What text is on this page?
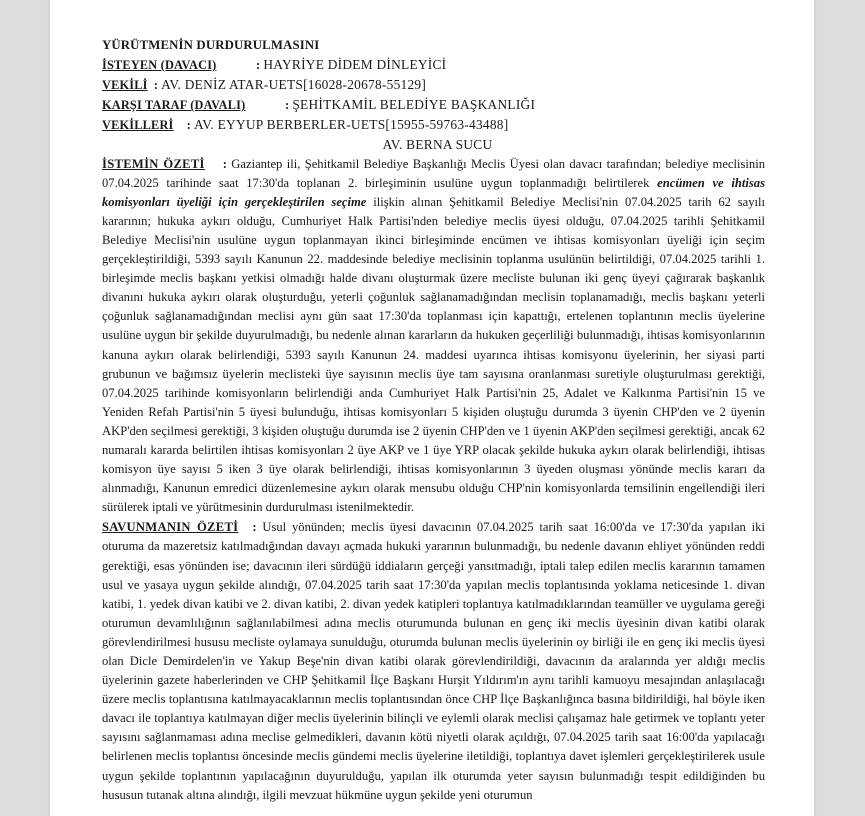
YÜRÜTMENİN DURDURULMASINI
İSTEYEN (DAVACI)	: HAYRİYE DİDEM DİNLEYİCİ
VEKİLİ : AV. DENİZ ATAR-UETS[16028-20678-55129]
KARŞI TARAF (DAVALI)	: ŞEHİTKAMİL BELEDİYE BAŞKANLIĞI
VEKİLLERİ : AV. EYYUP BERBERLER-UETS[15955-59763-43488]
AV. BERNA SUCU

İSTEMİN ÖZETİ : Gaziantep ili, Şehitkamil Belediye Başkanlığı Meclis Üyesi olan davacı tarafından; belediye meclisinin 07.04.2025 tarihinde saat 17:30'da toplanan 2. birleşiminin usulüne uygun toplanmadığı belirtilerek encümen ve ihtisas komisyonları üyeliği için gerçekleştirilen seçime ilişkin alınan Şehitkamil Belediye Meclisi'nin 07.04.2025 tarih 62 sayılı kararının; hukuka aykırı olduğu, Cumhuriyet Halk Partisi'nden belediye meclis üyesi olduğu, 07.04.2025 tarihli Şehitkamil Belediye Meclisi'nin usulüne uygun toplanmayan ikinci birleşiminde encümen ve ihtisas komisyonları üyeliği için seçim gerçekleştirildiği, 5393 sayılı Kanunun 22. maddesinde belediye meclisinin toplanma usulünün belirtildiği, 07.04.2025 tarihli 1. birleşimde meclis başkanı yetkisi olmadığı halde divanı oluşturmak üzere mecliste bulunan iki genç üyeyi çağırarak başkanlık divanını hukuka aykırı olarak oluşturduğu, yeterli çoğunluk sağlanamadığından meclisin toplanamadığı, meclis başkanı yeterli çoğunluk sağlanamadığından meclisi aynı gün saat 17:30'da toplanması için kapattığı, ertelenen toplantının meclis üyelerine usulüne uygun bir şekilde duyurulmadığı, bu nedenle alınan kararların da hukuken geçerliliği bulunmadığı, ihtisas komisyonlarının kanuna aykırı olarak belirlendiği, 5393 sayılı Kanunun 24. maddesi uyarınca ihtisas komisyonu üyelerinin, her siyasi parti grubunun ve bağımsız üyelerin meclisteki üye sayısının meclis üye tam sayısına oranlanması suretiyle oluşturulması gerektiği, 07.04.2025 tarihinde komisyonların belirlendiği anda Cumhuriyet Halk Partisi'nin 25, Adalet ve Kalkınma Partisi'nin 15 ve Yeniden Refah Partisi'nin 5 üyesi bulunduğu, ihtisas komisyonları 5 kişiden oluştuğu durumda 3 üyenin CHP'den ve 2 üyenin AKP'den seçilmesi gerektiği, 3 kişiden oluştuğu durumda ise 2 üyenin CHP'den ve 1 üyenin AKP'den seçilmesi gerektiği, ancak 62 numaralı kararda belirtilen ihtisas komisyonları 2 üye AKP ve 1 üye YRP olacak şekilde hukuka aykırı olarak belirlendiği, ihtisas komisyon üye sayısı 5 iken 3 üye olarak belirlendiği, ihtisas komisyonlarının 3 üyeden oluşması yönünde meclis kararı da alınmadığı, Kanunun emredici düzenlemesine aykırı olarak mensubu olduğu CHP'nin komisyonlarda temsilinin engellendiği ileri sürülerek iptali ve yürütmesinin durdurulması istenilmektedir.

SAVUNMANIN ÖZETİ : Usul yönünden; meclis üyesi davacının 07.04.2025 tarih saat 16:00'da ve 17:30'da yapılan iki oturuma da mazeretsiz katılmadığından davayı açmada hukuki yararının bulunmadığı, bu nedenle davanın ehliyet yönünden reddi gerektiği, esas yönünden ise; davacının ileri sürdüğü iddiaların gerçeği yansıtmadığı, iptali talep edilen meclis kararının tamamen usul ve yasaya uygun şekilde alındığı, 07.04.2025 tarih saat 17:30'da yapılan meclis toplantısında yoklama neticesinde 1. divan katibi, 1. yedek divan katibi ve 2. divan katibi, 2. divan yedek katipleri toplantıya katılmadıklarından teamüller ve uygulama gereği oturumun devamlılığının sağlanılabilmesi adına meclis oturumunda bulunan en genç iki meclis üyesinin divan katibi olarak görevlendirilmesi hususu mecliste oylamaya sunulduğu, oturumda bulunan meclis üyelerinin oy birliği ile en genç iki meclis üyesi olan Dicle Demirdelen'in ve Yakup Beşe'nin divan katibi olarak görevlendirildiği, davacının da aralarında yer aldığı meclis üyelerinin gazete haberlerinden ve CHP Şehitkamil İlçe Başkanı Hurşit Yıldırım'ın aynı tarihli kamuoyu mesajından anlaşılacağı üzere meclis toplantısına katılmayacaklarının meclis toplantısından önce CHP İlçe Başkanlığınca basına bildirildiği, hal böyle iken davacı ile toplantıya katılmayan diğer meclis üyelerinin bilinçli ve eylemli olarak meclisi çalışamaz hale getirmek ve toplantı yeter sayısını sağlanmaması adına meclise gelmedikleri, davanın kötü niyetli olarak açıldığı, 07.04.2025 tarih saat 16:00'da yapılacağı belirlenen meclis toplantısı öncesinde meclis gündemi meclis üyelerine iletildiği, toplantıya davet işlemleri gerçekleştirilerek usule uygun şekilde toplantının yapılacağının duyurulduğu, yapılan ilk oturumda yeter sayısın bulunmadığı tespit edildiğinden bu hususun tutanak altına alındığı, ilgili mevzuat hükmüne uygun şekilde yeni oturumun
